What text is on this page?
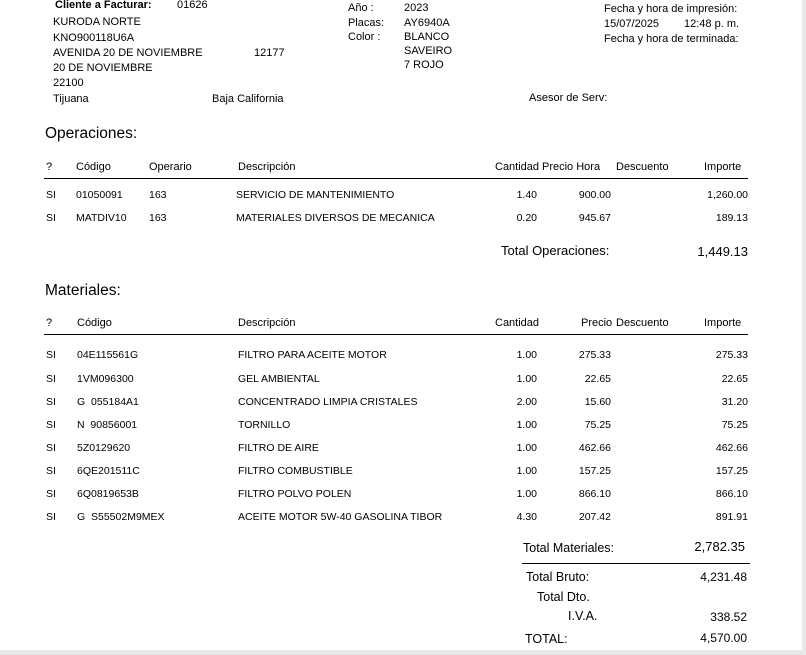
Cliente a Facturar: 01626
KURODA NORTE
KNO900118U6A
AVENIDA 20 DE NOVIEMBRE	12177
20 DE NOVIEMBRE
22100
Tijuana	Baja California
Año :	2023
Placas: AY6940A
Color : BLANCO
SAVEIRO
7 ROJO
Fecha y hora de impresión:
15/07/2025 12:48 p. m.
Fecha y hora de terminada:
Asesor de Serv:
Operaciones:
? Código	Operario	Descripción	Cantidad Precio Hora Descuento	Importe
SI 01050091	163	SERVICIO DE MANTENIMIENTO	1.40	900.00	1,260.00
SI MATDIV10 163	MATERIALES DIVERSOS DE MECANICA	0.20	945.67	189.13
Total Operaciones:	1,449.13
Materiales:
? Código	Descripción	Cantidad	Precio Descuento	Importe
SI 04E115561G	FILTRO PARA ACEITE MOTOR	1.00	275.33	275.33
SI 1VM096300	GEL AMBIENTAL	1.00	22.65	22.65
SI G  055184A1	CONCENTRADO LIMPIA CRISTALES	2.00	15.60	31.20
SI N  90856001	TORNILLO	1.00	75.25	75.25
SI 5Z0129620	FILTRO DE AIRE	1.00	462.66	462.66
SI 6QE201511C	FILTRO COMBUSTIBLE	1.00	157.25	157.25
SI 6Q0819653B	FILTRO POLVO POLEN	1.00	866.10	866.10
SI G  S55502M9MEX	ACEITE MOTOR 5W-40 GASOLINA TIBOR	4.30	207.42	891.91
Total Materiales:	2,782.35
Total Bruto:	4,231.48
Total Dto.
I.V.A.	338.52
TOTAL:	4,570.00
